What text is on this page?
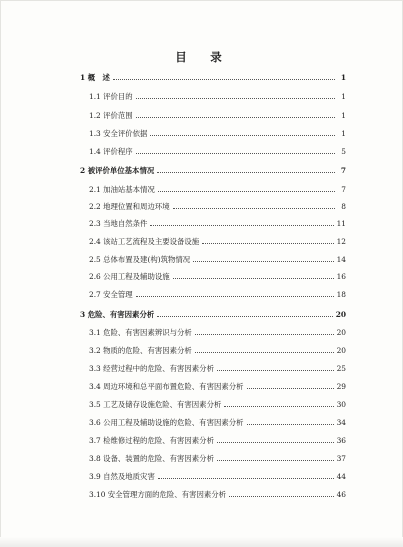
目　录
1 概　述	1
1.1 评价目的	1
1.2 评价范围	1
1.3 安全评价依据	1
1.4 评价程序	5
2 被评价单位基本情况	7
2.1 加油站基本情况	7
2.2 地理位置和周边环境	8
2.3 当地自然条件	11
2.4 该站工艺流程及主要设备设施	12
2.5 总体布置及建(构)筑物情况	14
2.6 公用工程及辅助设施	16
2.7 安全管理	18
3 危险、有害因素分析	20
3.1 危险、有害因素辨识与分析	20
3.2 物质的危险、有害因素分析	20
3.3 经营过程中的危险、有害因素分析	25
3.4 周边环境和总平面布置危险、有害因素分析	29
3.5 工艺及储存设施危险、有害因素分析	30
3.6 公用工程及辅助设施的危险、有害因素分析	34
3.7 检维修过程的危险、有害因素分析	36
3.8 设备、装置的危险、有害因素分析	37
3.9 自然及地质灾害	44
3.10 安全管理方面的危险、有害因素分析	46
